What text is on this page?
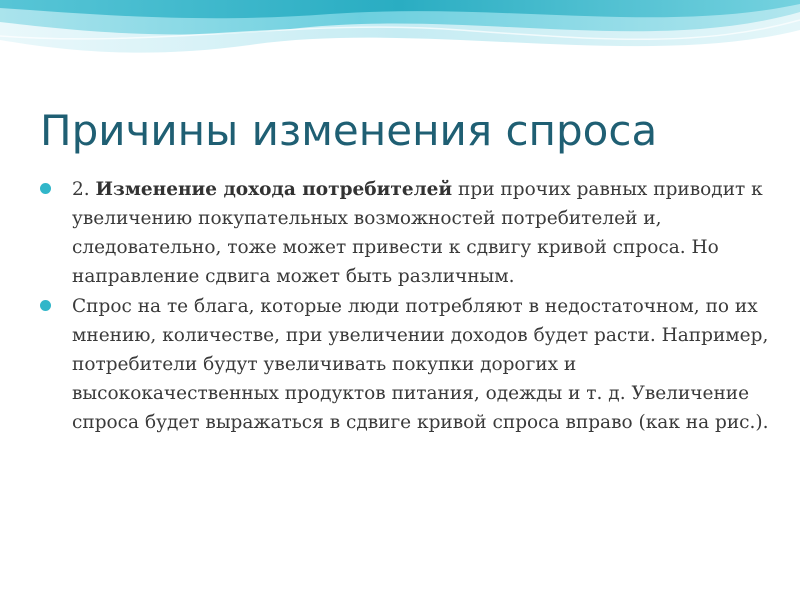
Причины изменения спроса
2. Изменение дохода потребителей при прочих равных приводит к увеличению покупательных возможностей потребителей и, следовательно, тоже может привести к сдвигу кривой спроса. Но направление сдвига может быть различным.
Спрос на те блага, которые люди потребляют в недостаточном, по их мнению, количестве, при увеличении доходов будет расти. Например, потребители будут увеличивать покупки дорогих и высококачественных продуктов питания, одежды и т. д. Увеличение спроса будет выражаться в сдвиге кривой спроса вправо (как на рис.).
